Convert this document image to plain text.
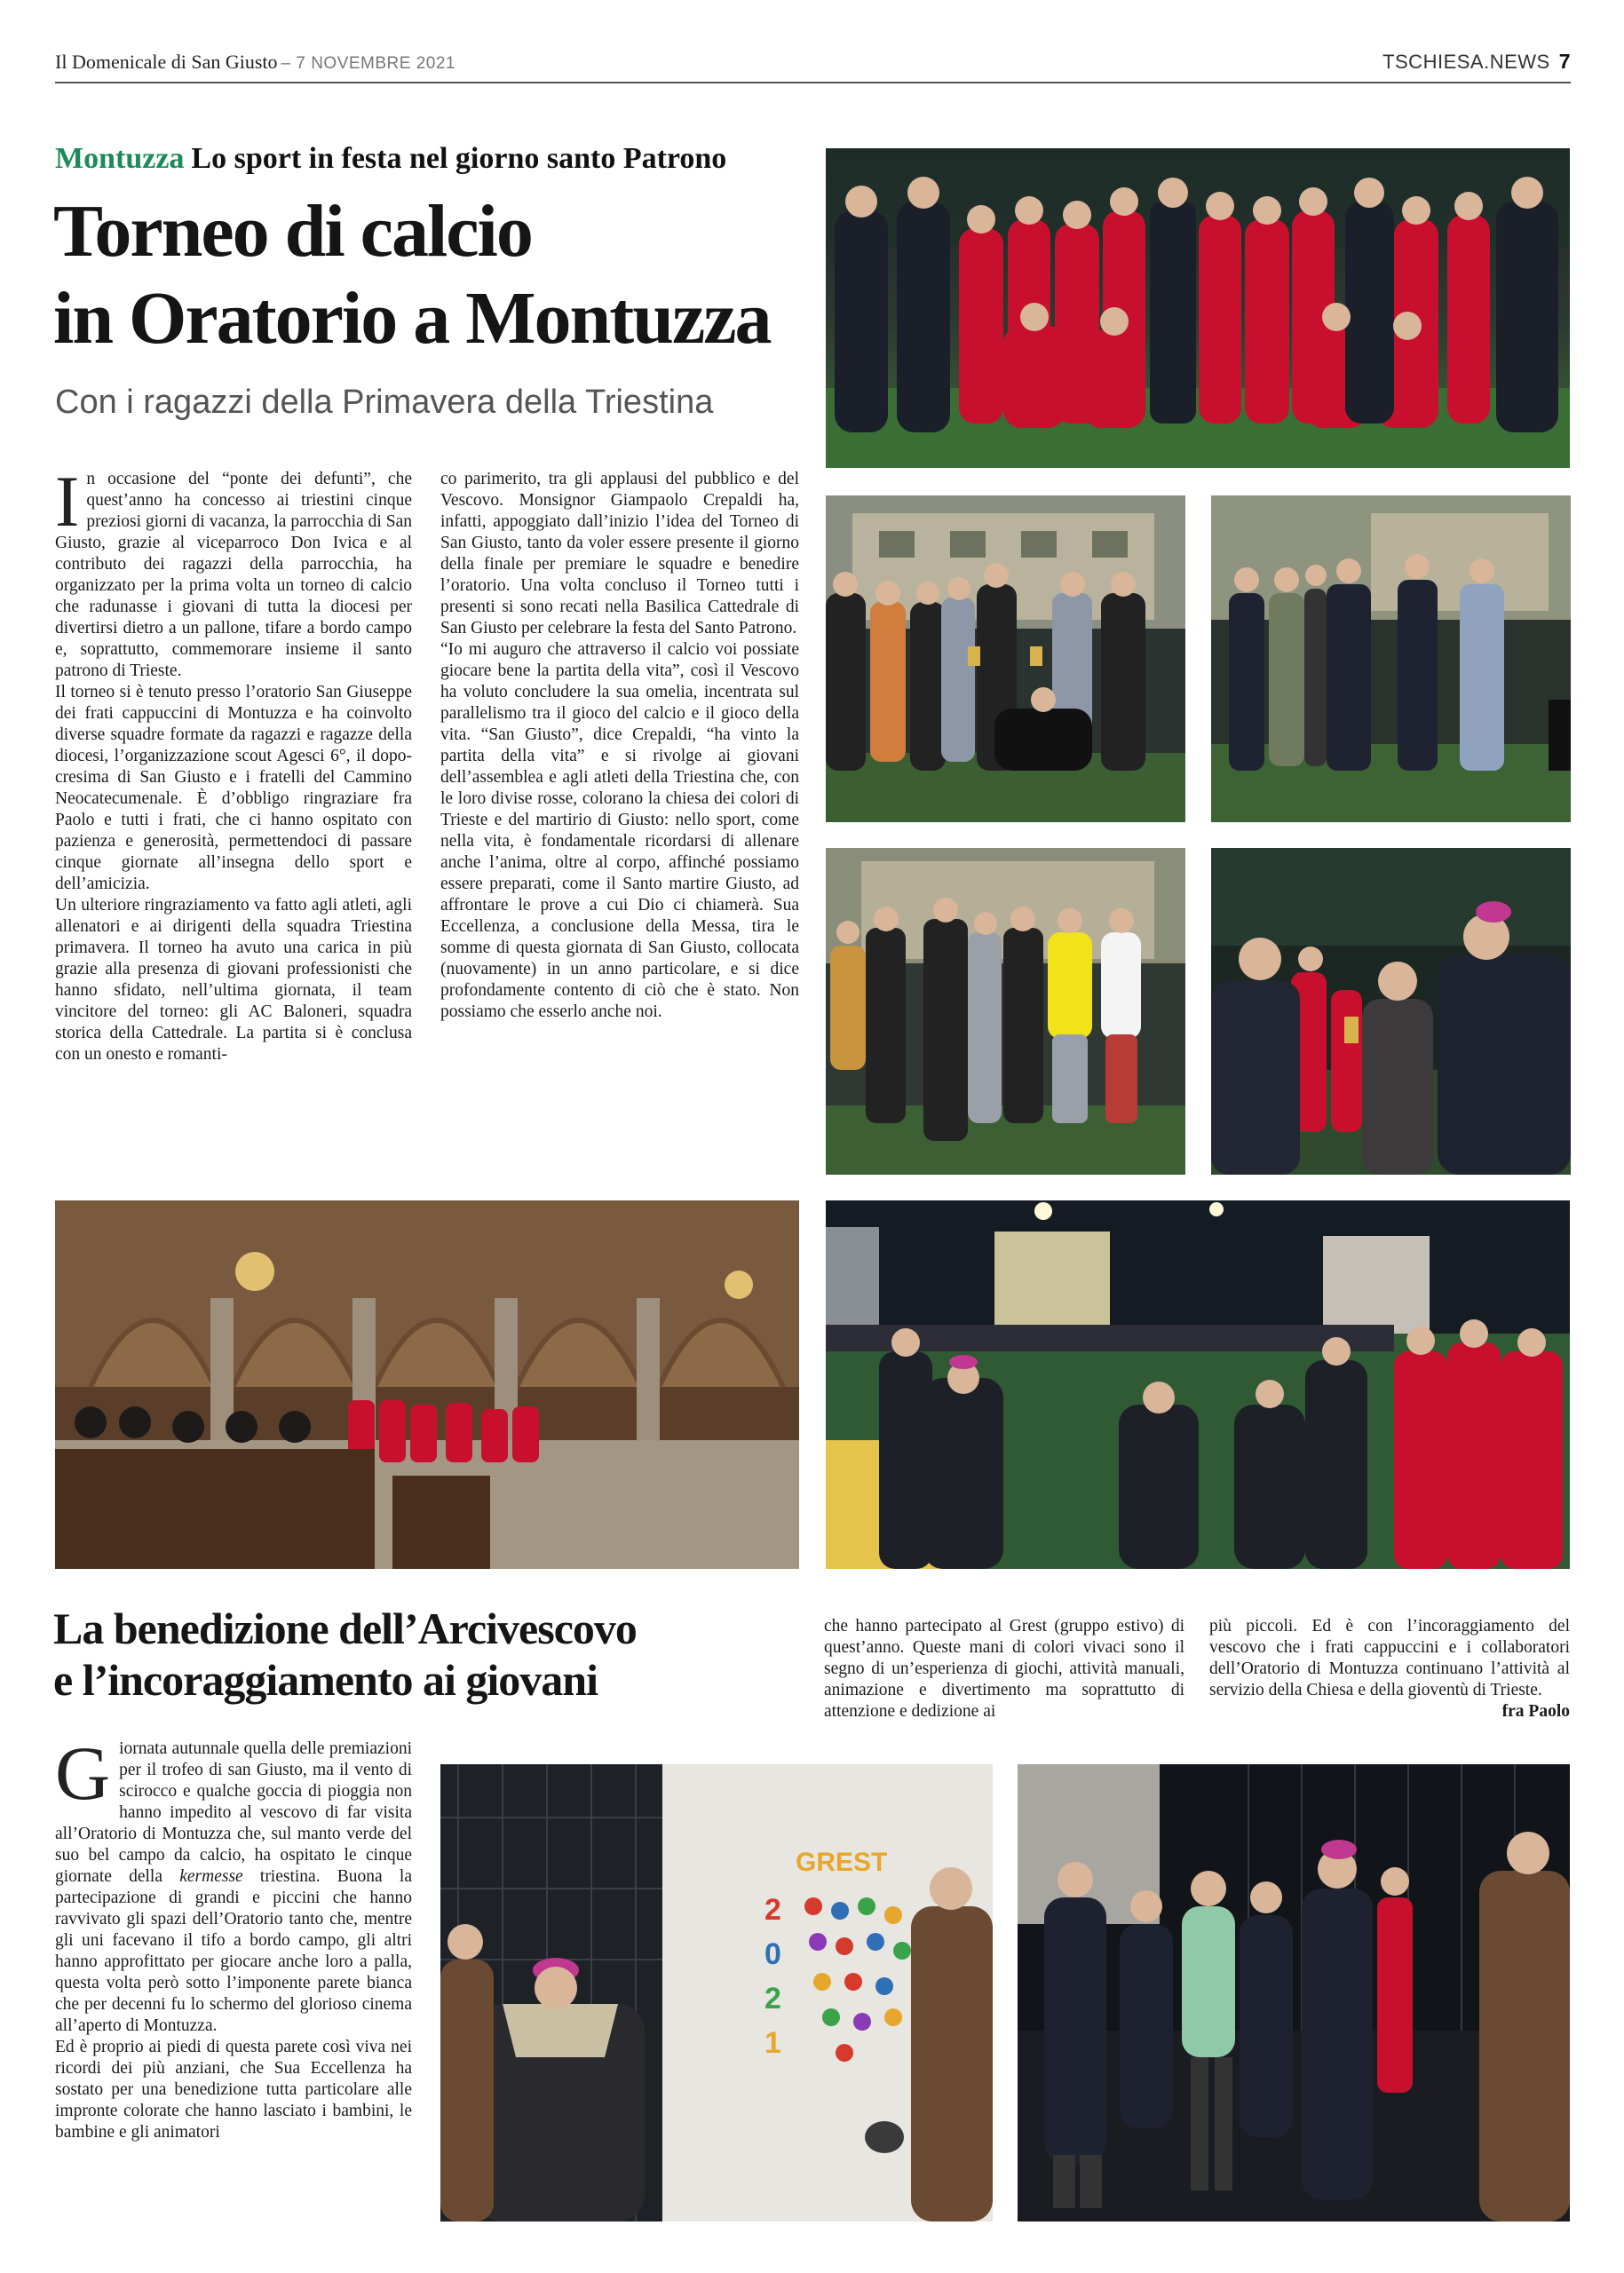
Il Domenicale di San Giusto – 7 NOVEMBRE 2021	TSCHIESA.NEWS 7
Montuzza Lo sport in festa nel giorno santo Patrono
Torneo di calcio
in Oratorio a Montuzza
Con i ragazzi della Primavera della Triestina

In occasione del “ponte dei defunti”, che quest’anno ha concesso ai triestini cinque preziosi giorni di vacanza, la parrocchia di San Giusto, grazie al viceparroco Don Ivica e al contributo dei ragazzi della parrocchia, ha organizzato per la prima volta un torneo di calcio che radunasse i giovani di tutta la diocesi per divertirsi dietro a un pallone, tifare a bordo campo e, soprattutto, commemorare insieme il santo patrono di Trieste.

Il torneo si è tenuto presso l’oratorio San Giuseppe dei frati cappuccini di Montuzza e ha coinvolto diverse squadre formate da ragazzi e ragazze della diocesi, l’organizzazione scout Agesci 6°, il dopo-cresima di San Giusto e i fratelli del Cammino Neocatecumenale. È d’obbligo ringraziare fra Paolo e tutti i frati, che ci hanno ospitato con pazienza e generosità, permettendoci di passare cinque giornate all’insegna dello sport e dell’amicizia.

Un ulteriore ringraziamento va fatto agli atleti, agli allenatori e ai dirigenti della squadra Triestina primavera. Il torneo ha avuto una carica in più grazie alla presenza di giovani professionisti che hanno sfidato, nell’ultima giornata, il team vincitore del torneo: gli AC Baloneri, squadra storica della Cattedrale. La partita si è conclusa con un onesto e romanti-

co parimerito, tra gli applausi del pubblico e del Vescovo. Monsignor Giampaolo Crepaldi ha, infatti, appoggiato dall’inizio l’idea del Torneo di San Giusto, tanto da voler essere presente il giorno della finale per premiare le squadre e benedire l’oratorio. Una volta concluso il Torneo tutti i presenti si sono recati nella Basilica Cattedrale di San Giusto per celebrare la festa del Santo Patrono.

“Io mi auguro che attraverso il calcio voi possiate giocare bene la partita della vita”, così il Vescovo ha voluto concludere la sua omelia, incentrata sul parallelismo tra il gioco del calcio e il gioco della vita. “San Giusto”, dice Crepaldi, “ha vinto la partita della vita” e si rivolge ai giovani dell’assemblea e agli atleti della Triestina che, con le loro divise rosse, colorano la chiesa dei colori di Trieste e del martirio di Giusto: nello sport, come nella vita, è fondamentale ricordarsi di allenare anche l’anima, oltre al corpo, affinché possiamo essere preparati, come il Santo martire Giusto, ad affrontare le prove a cui Dio ci chiamerà. Sua Eccellenza, a conclusione della Messa, tira le somme di questa giornata di San Giusto, collocata (nuovamente) in un anno particolare, e si dice profondamente contento di ciò che è stato. Non possiamo che esserlo anche noi.

La benedizione dell’Arcivescovo
e l’incoraggiamento ai giovani

Giornata autunnale quella delle premiazioni per il trofeo di san Giusto, ma il vento di scirocco e qualche goccia di pioggia non hanno impedito al vescovo di far visita all’Oratorio di Montuzza che, sul manto verde del suo bel campo da calcio, ha ospitato le cinque giornate della kermesse triestina. Buona la partecipazione di grandi e piccini che hanno ravvivato gli spazi dell’Oratorio tanto che, mentre gli uni facevano il tifo a bordo campo, gli altri hanno approfittato per giocare anche loro a palla, questa volta però sotto l’imponente parete bianca che per decenni fu lo schermo del glorioso cinema all’aperto di Montuzza.

Ed è proprio ai piedi di questa parete così viva nei ricordi dei più anziani, che Sua Eccellenza ha sostato per una benedizione tutta particolare alle impronte colorate che hanno lasciato i bambini, le bambine e gli animatori

che hanno partecipato al Grest (gruppo estivo) di quest’anno. Queste mani di colori vivaci sono il segno di un’esperienza di giochi, attività manuali, animazione e divertimento ma soprattutto di attenzione e dedizione ai

più piccoli. Ed è con l’incoraggiamento del vescovo che i frati cappuccini e i collaboratori dell’Oratorio di Montuzza continuano l’attività al servizio della Chiesa e della gioventù di Trieste.
fra Paolo

GREST
2
0
2
1
